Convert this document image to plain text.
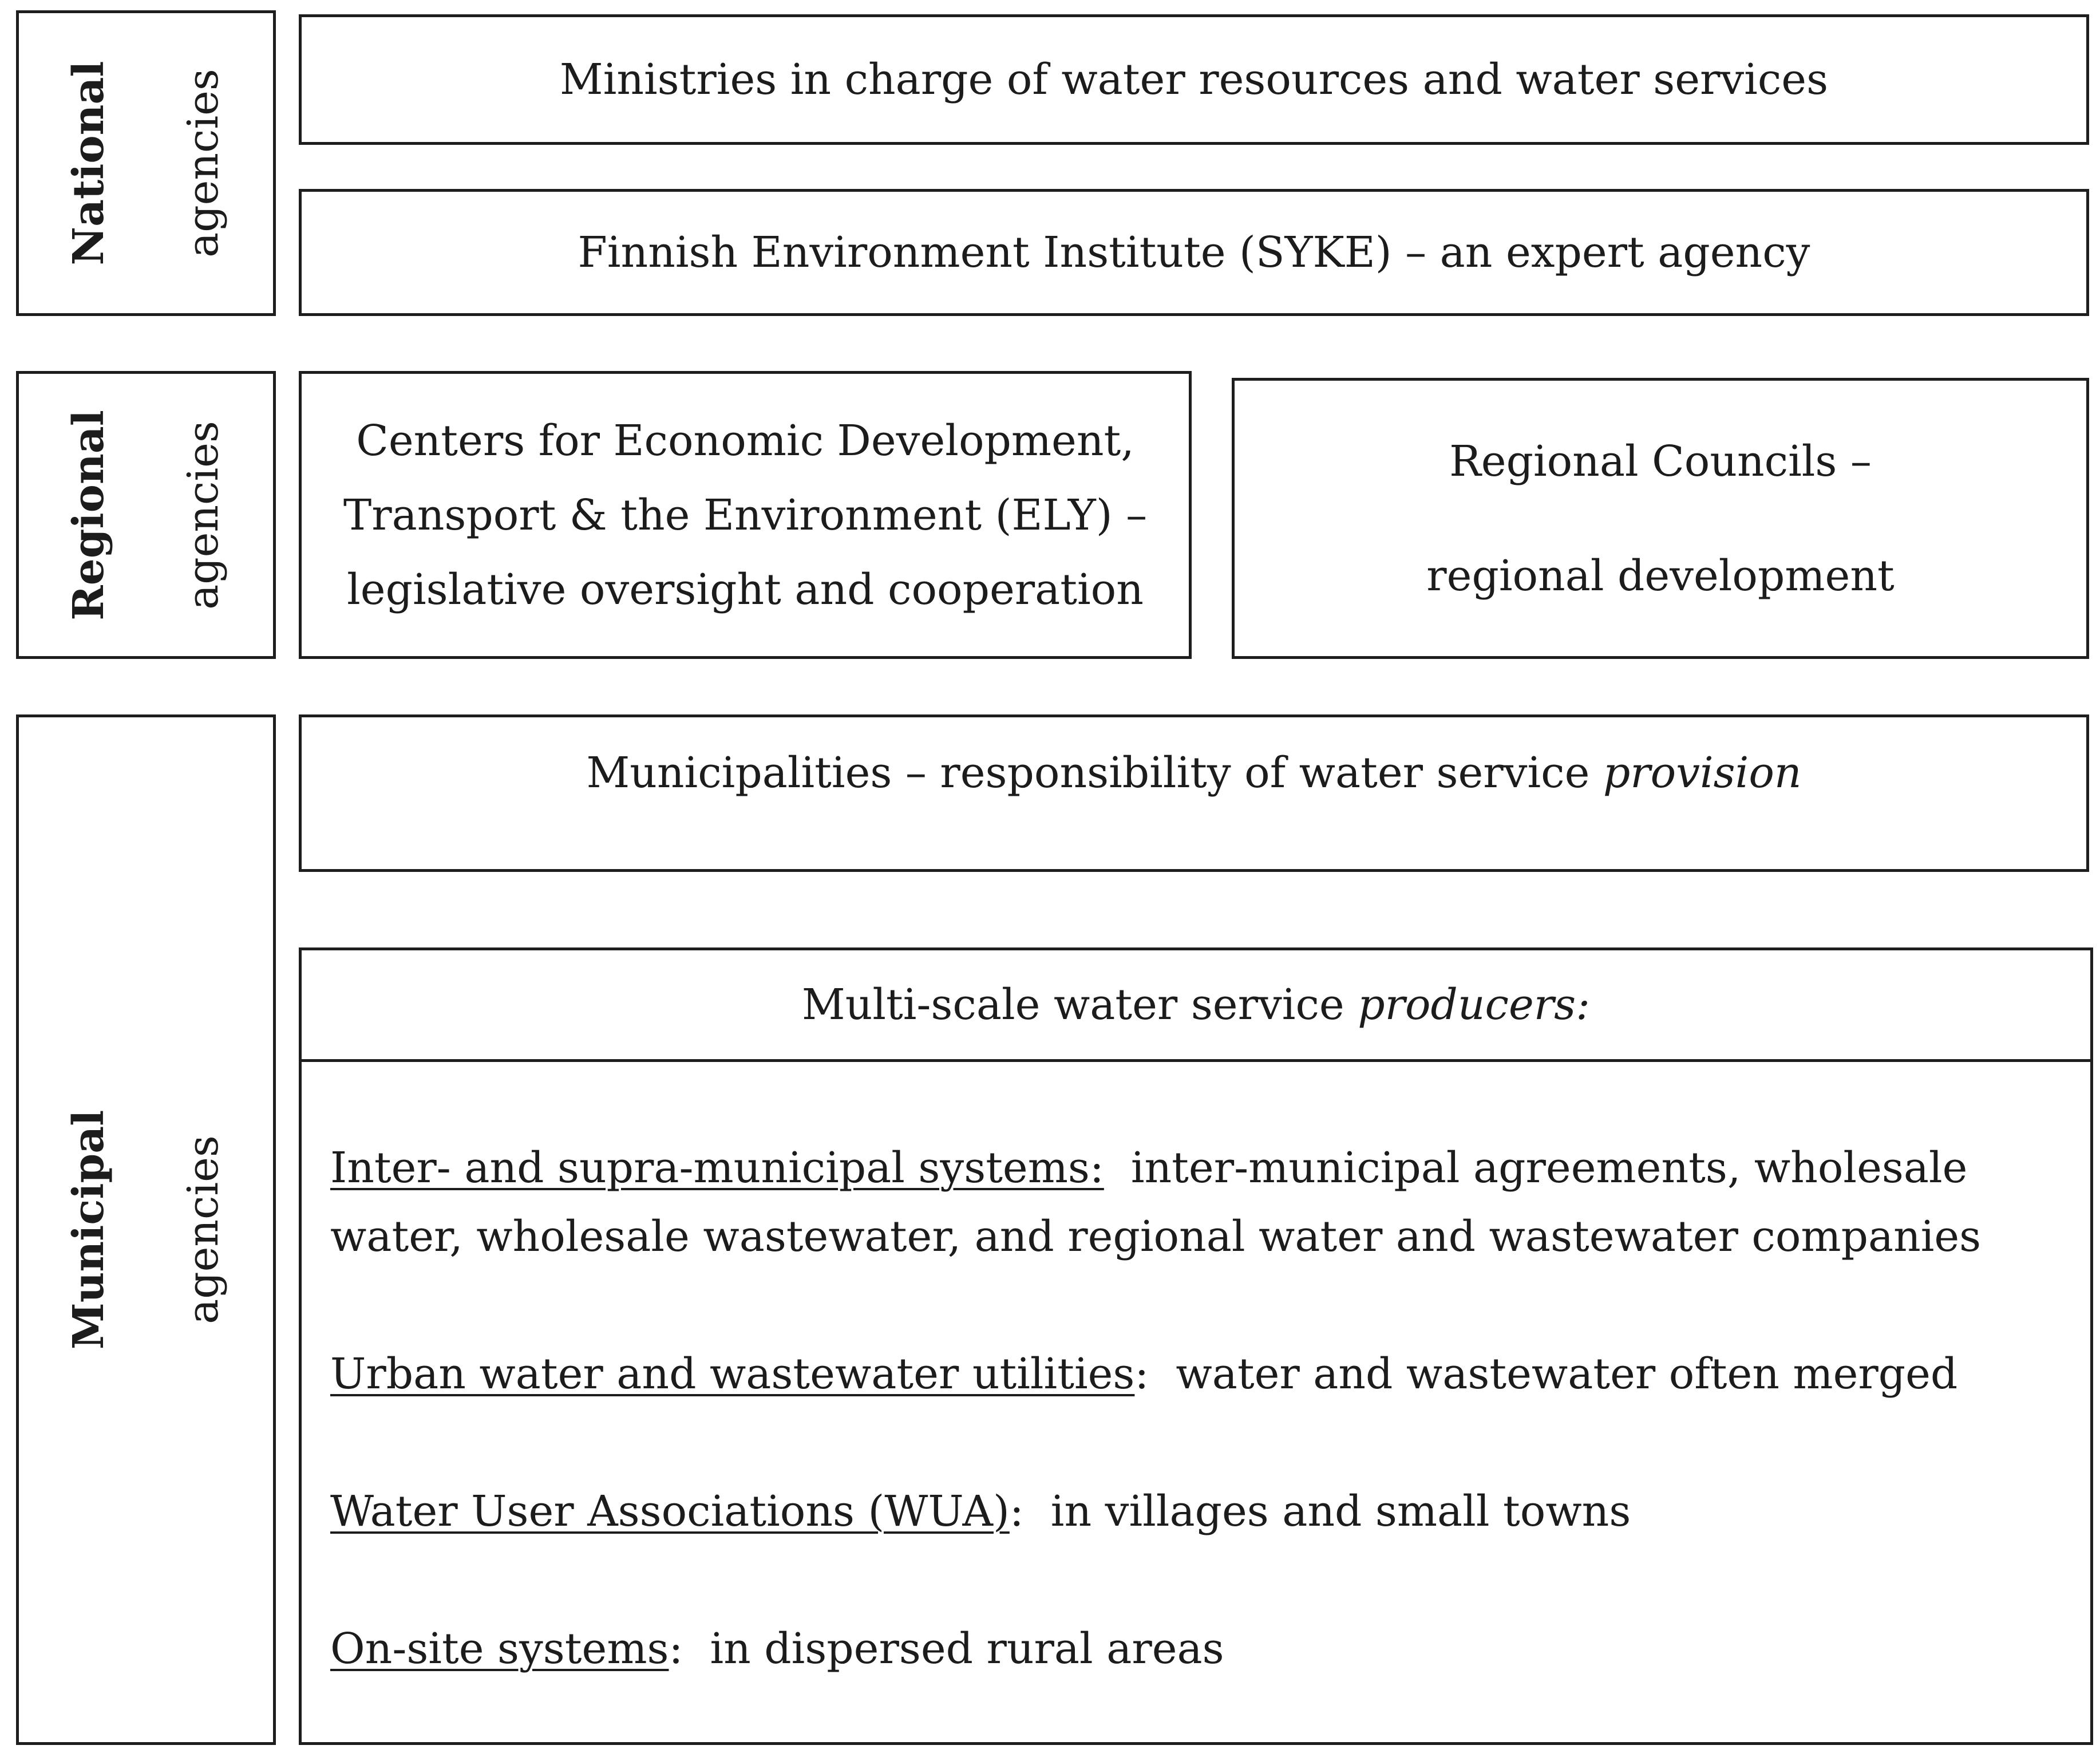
National	agencies	Ministries in charge of water resources and water services
Finnish Environment Institute (SYKE) – an expert agency
Regional	agencies	Centers for Economic Development,
Transport & the Environment (ELY) –
legislative oversight and cooperation
Regional Councils –
regional development
Municipal	agencies
Municipalities – responsibility of water service provision
Multi-scale water service producers:
Inter- and supra-municipal systems:  inter-municipal agreements, wholesale water, wholesale wastewater, and regional water and wastewater companies
Urban water and wastewater utilities:  water and wastewater often merged
Water User Associations (WUA):  in villages and small towns
On-site systems:  in dispersed rural areas
